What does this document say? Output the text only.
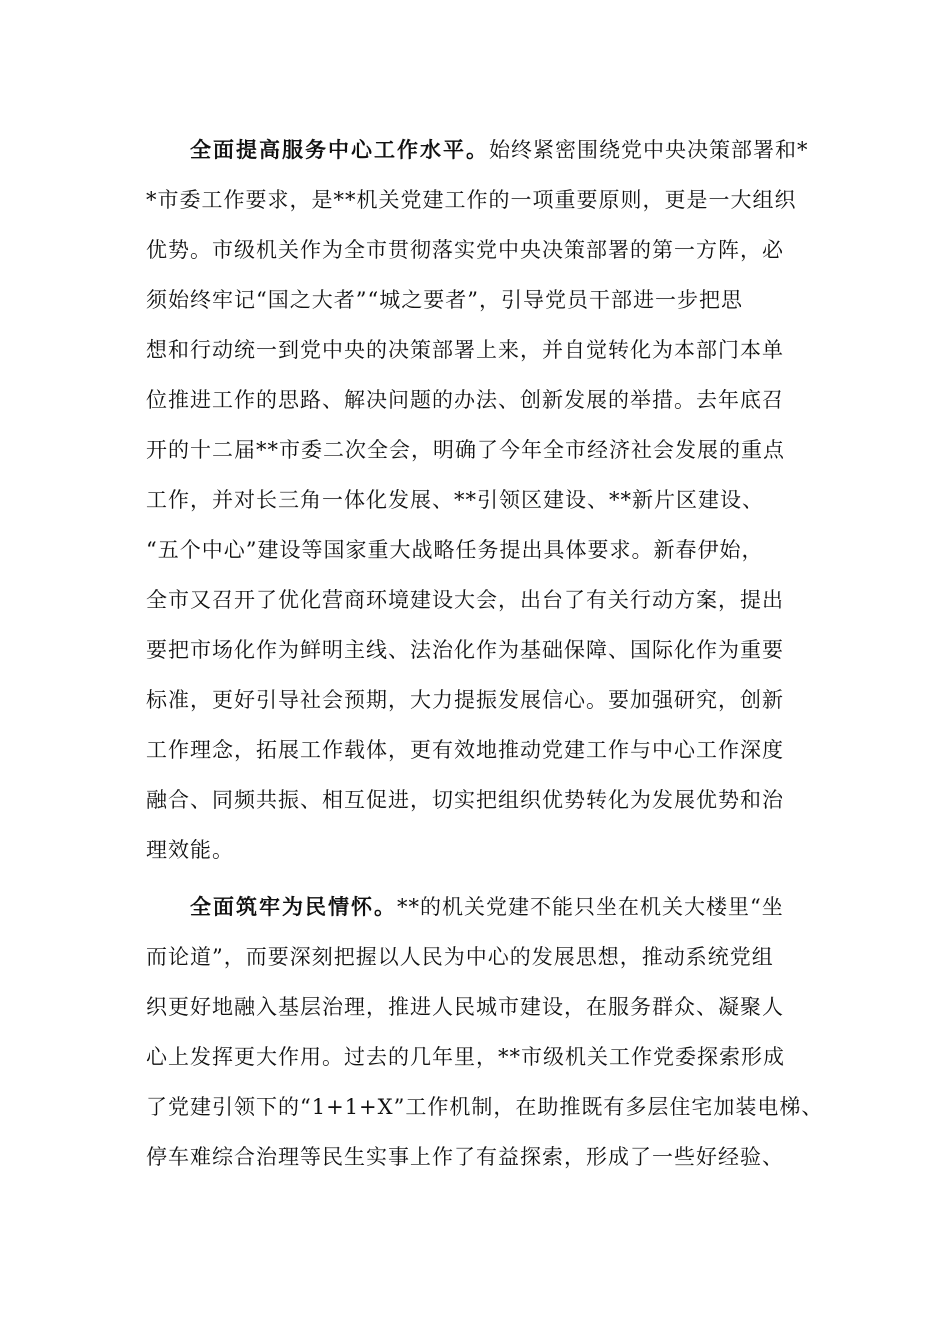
全面提高服务中心工作水平。始终紧密围绕党中央决策部署和*
*市委工作要求，是**机关党建工作的一项重要原则，更是一大组织
优势。市级机关作为全市贯彻落实党中央决策部署的第一方阵，必
须始终牢记“国之大者”“城之要者”，引导党员干部进一步把思
想和行动统一到党中央的决策部署上来，并自觉转化为本部门本单
位推进工作的思路、解决问题的办法、创新发展的举措。去年底召
开的十二届**市委二次全会，明确了今年全市经济社会发展的重点
工作，并对长三角一体化发展、**引领区建设、**新片区建设、
“五个中心”建设等国家重大战略任务提出具体要求。新春伊始，
全市又召开了优化营商环境建设大会，出台了有关行动方案，提出
要把市场化作为鲜明主线、法治化作为基础保障、国际化作为重要
标准，更好引导社会预期，大力提振发展信心。要加强研究，创新
工作理念，拓展工作载体，更有效地推动党建工作与中心工作深度
融合、同频共振、相互促进，切实把组织优势转化为发展优势和治
理效能。
全面筑牢为民情怀。**的机关党建不能只坐在机关大楼里“坐
而论道”，而要深刻把握以人民为中心的发展思想，推动系统党组
织更好地融入基层治理，推进人民城市建设，在服务群众、凝聚人
心上发挥更大作用。过去的几年里，**市级机关工作党委探索形成
了党建引领下的“1+1+X”工作机制，在助推既有多层住宅加装电梯、
停车难综合治理等民生实事上作了有益探索，形成了一些好经验、
